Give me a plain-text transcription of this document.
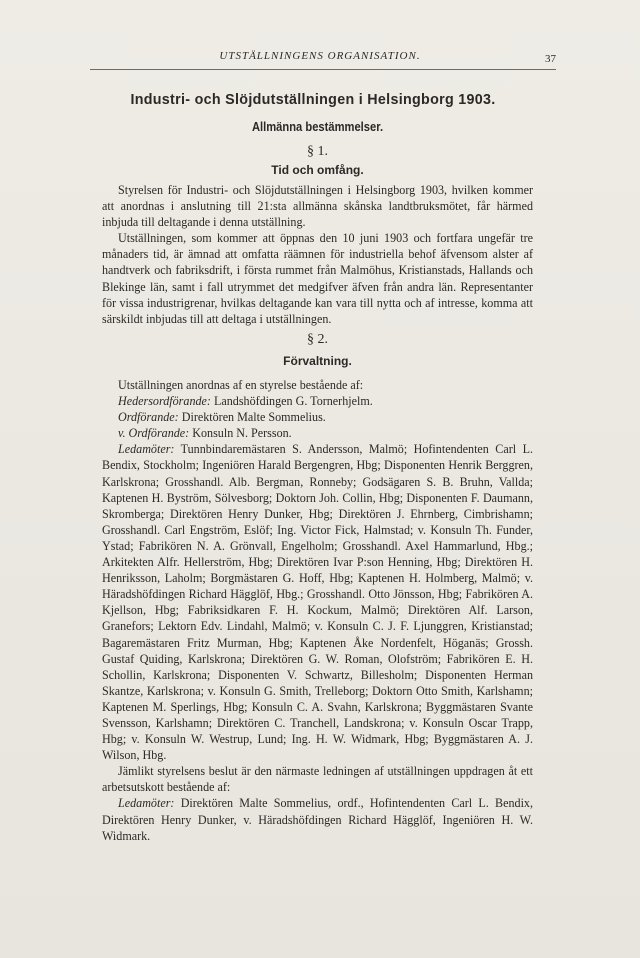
UTSTÄLLNINGENS ORGANISATION.	37
Industri- och Slöjdutställningen i Helsingborg 1903.
Allmänna bestämmelser.
§ 1.
Tid och omfång.

Styrelsen för Industri- och Slöjdutställningen i Helsingborg 1903, hvilken kommer att anordnas i anslutning till 21:sta allmänna skånska landtbruksmötet, får härmed inbjuda till deltagande i denna utställning.

Utställningen, som kommer att öppnas den 10 juni 1903 och fortfara ungefär tre månaders tid, är ämnad att omfatta räämnen för industriella behof äfvensom alster af handtverk och fabriksdrift, i första rummet från Malmöhus, Kristianstads, Hallands och Blekinge län, samt i fall utrymmet det medgifver äfven från andra län. Representanter för vissa industrigrenar, hvilkas deltagande kan vara till nytta och af intresse, komma att särskildt inbjudas till att deltaga i utställningen.

§ 2.
Förvaltning.

Utställningen anordnas af en styrelse bestående af:

Hedersordförande: Landshöfdingen G. Tornerhjelm.

Ordförande: Direktören Malte Sommelius.

v. Ordförande: Konsuln N. Persson.

Ledamöter: Tunnbindaremästaren S. Andersson, Malmö; Hofintendenten Carl L. Bendix, Stockholm; Ingeniören Harald Bergengren, Hbg; Disponenten Henrik Berggren, Karlskrona; Grosshandl. Alb. Bergman, Ronneby; Godsägaren S. B. Bruhn, Vallda; Kaptenen H. Byström, Sölvesborg; Doktorn Joh. Collin, Hbg; Disponenten F. Daumann, Skromberga; Direktören Henry Dunker, Hbg; Direktören J. Ehrnberg, Cimbrishamn; Grosshandl. Carl Engström, Eslöf; Ing. Victor Fick, Halmstad; v. Konsuln Th. Funder, Ystad; Fabrikören N. A. Grönvall, Engelholm; Grosshandl. Axel Hammarlund, Hbg.; Arkitekten Alfr. Hellerström, Hbg; Direktören Ivar P:son Henning, Hbg; Direktören H. Henriksson, Laholm; Borgmästaren G. Hoff, Hbg; Kaptenen H. Holmberg, Malmö; v. Häradshöfdingen Richard Hägglöf, Hbg.; Grosshandl. Otto Jönsson, Hbg; Fabrikören A. Kjellson, Hbg; Fabriksidkaren F. H. Kockum, Malmö; Direktören Alf. Larson, Granefors; Lektorn Edv. Lindahl, Malmö; v. Konsuln C. J. F. Ljunggren, Kristianstad; Bagaremästaren Fritz Murman, Hbg; Kaptenen Åke Nordenfelt, Höganäs; Grossh. Gustaf Quiding, Karlskrona; Direktören G. W. Roman, Olofström; Fabrikören E. H. Schollin, Karlskrona; Disponenten V. Schwartz, Billesholm; Disponenten Herman Skantze, Karlskrona; v. Konsuln G. Smith, Trelleborg; Doktorn Otto Smith, Karlshamn; Kaptenen M. Sperlings, Hbg; Konsuln C. A. Svahn, Karlskrona; Byggmästaren Svante Svensson, Karlshamn; Direktören C. Tranchell, Landskrona; v. Konsuln Oscar Trapp, Hbg; v. Konsuln W. Westrup, Lund; Ing. H. W. Widmark, Hbg; Byggmästaren A. J. Wilson, Hbg.

Jämlikt styrelsens beslut är den närmaste ledningen af utställningen uppdragen åt ett arbetsutskott bestående af:

Ledamöter: Direktören Malte Sommelius, ordf., Hofintendenten Carl L. Bendix, Direktören Henry Dunker, v. Häradshöfdingen Richard Hägglöf, Ingeniören H. W. Widmark.
